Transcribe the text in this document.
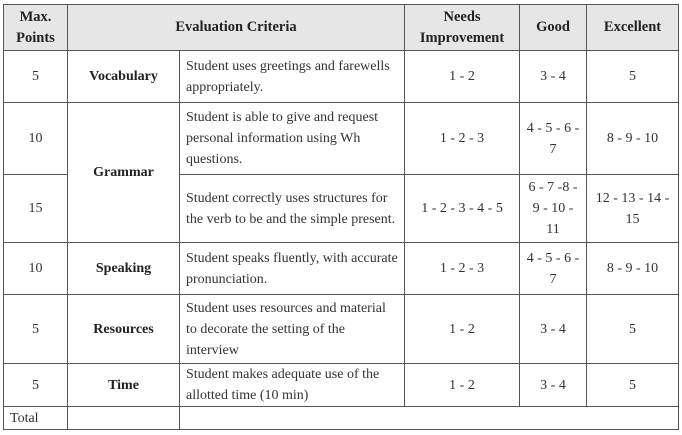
Max. Points	Evaluation Criteria		Needs Improvement	Good	Excellent
5	Vocabulary	Student uses greetings and farewells appropriately.	1 - 2	3 - 4	5
10	Grammar	Student is able to give and request personal information using Wh questions.	1 - 2 - 3	4 - 5 - 6 - 7	8 - 9 - 10
15		Student correctly uses structures for the verb to be and the simple present.	1 - 2 - 3 - 4 - 5	6 - 7 -8 - 9 - 10 - 11	12 - 13 - 14 - 15
10	Speaking	Student speaks fluently, with accurate pronunciation.	1 - 2 - 3	4 - 5 - 6 - 7	8 - 9 - 10
5	Resources	Student uses resources and material to decorate the setting of the interview	1 - 2	3 - 4	5
5	Time	Student makes adequate use of the allotted time (10 min)	1 - 2	3 - 4	5
Total					
